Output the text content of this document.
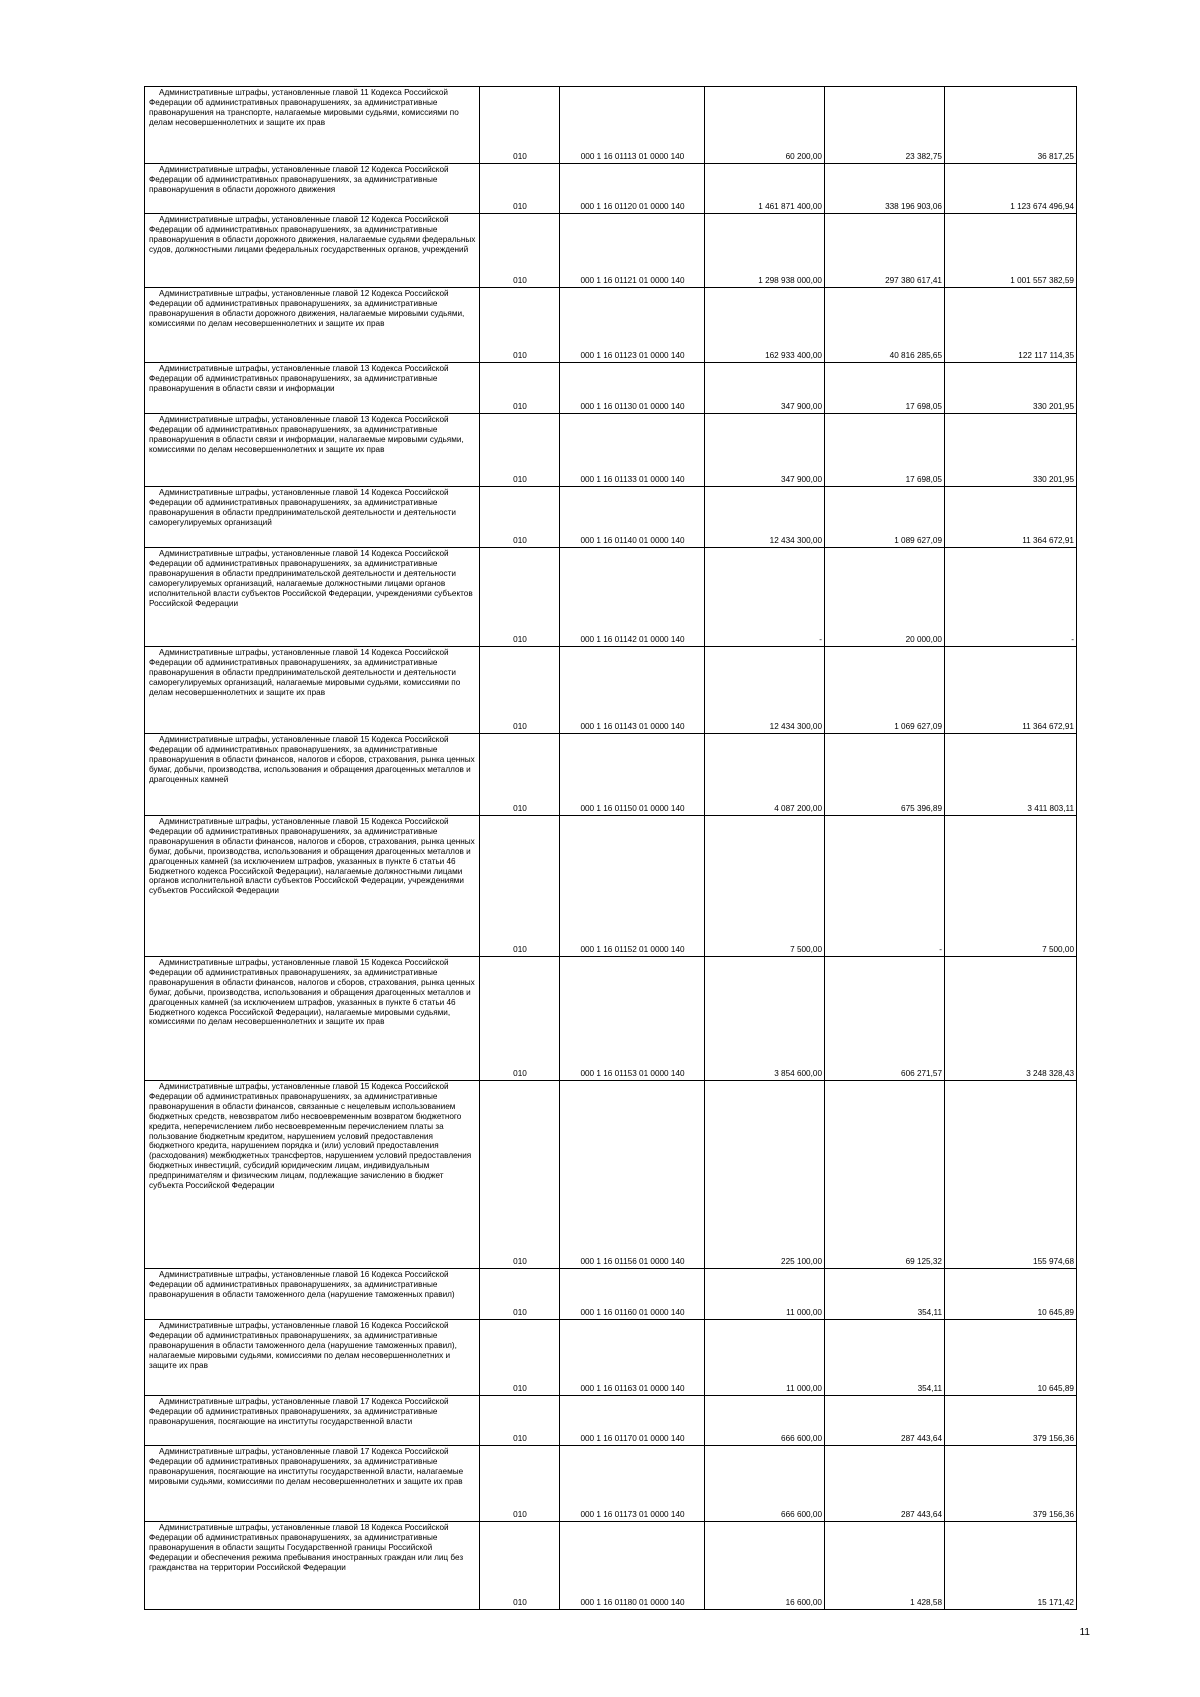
Административные штрафы, установленные главой 11 Кодекса Российской Федерации об административных правонарушениях, за административные правонарушения на транспорте, налагаемые мировыми судьями, комиссиями по делам несовершеннолетних и защите их прав	010	000 1 16 01113 01 0000 140	60 200,00	23 382,75	36 817,25

Административные штрафы, установленные главой 12 Кодекса Российской Федерации об административных правонарушениях, за административные правонарушения в области дорожного движения	010	000 1 16 01120 01 0000 140	1 461 871 400,00	338 196 903,06	1 123 674 496,94

Административные штрафы, установленные главой 12 Кодекса Российской Федерации об административных правонарушениях, за административные правонарушения в области дорожного движения, налагаемые судьями федеральных судов, должностными лицами федеральных государственных органов, учреждений	010	000 1 16 01121 01 0000 140	1 298 938 000,00	297 380 617,41	1 001 557 382,59

Административные штрафы, установленные главой 12 Кодекса Российской Федерации об административных правонарушениях, за административные правонарушения в области дорожного движения, налагаемые мировыми судьями, комиссиями по делам несовершеннолетних и защите их прав	010	000 1 16 01123 01 0000 140	162 933 400,00	40 816 285,65	122 117 114,35

Административные штрафы, установленные главой 13 Кодекса Российской Федерации об административных правонарушениях, за административные правонарушения в области связи и информации	010	000 1 16 01130 01 0000 140	347 900,00	17 698,05	330 201,95

Административные штрафы, установленные главой 13 Кодекса Российской Федерации об административных правонарушениях, за административные правонарушения в области связи и информации, налагаемые мировыми судьями, комиссиями по делам несовершеннолетних и защите их прав	010	000 1 16 01133 01 0000 140	347 900,00	17 698,05	330 201,95

Административные штрафы, установленные главой 14 Кодекса Российской Федерации об административных правонарушениях, за административные правонарушения в области предпринимательской деятельности и деятельности саморегулируемых организаций	010	000 1 16 01140 01 0000 140	12 434 300,00	1 089 627,09	11 364 672,91

Административные штрафы, установленные главой 14 Кодекса Российской Федерации об административных правонарушениях, за административные правонарушения в области предпринимательской деятельности и деятельности саморегулируемых организаций, налагаемые должностными лицами органов исполнительной власти субъектов Российской Федерации, учреждениями субъектов Российской Федерации	010	000 1 16 01142 01 0000 140	-	20 000,00	-

Административные штрафы, установленные главой 14 Кодекса Российской Федерации об административных правонарушениях, за административные правонарушения в области предпринимательской деятельности и деятельности саморегулируемых организаций, налагаемые мировыми судьями, комиссиями по делам несовершеннолетних и защите их прав	010	000 1 16 01143 01 0000 140	12 434 300,00	1 069 627,09	11 364 672,91

Административные штрафы, установленные главой 15 Кодекса Российской Федерации об административных правонарушениях, за административные правонарушения в области финансов, налогов и сборов, страхования, рынка ценных бумаг, добычи, производства, использования и обращения драгоценных металлов и драгоценных камней	010	000 1 16 01150 01 0000 140	4 087 200,00	675 396,89	3 411 803,11

Административные штрафы, установленные главой 15 Кодекса Российской Федерации об административных правонарушениях, за административные правонарушения в области финансов, налогов и сборов, страхования, рынка ценных бумаг, добычи, производства, использования и обращения драгоценных металлов и драгоценных камней (за исключением штрафов, указанных в пункте 6 статьи 46 Бюджетного кодекса Российской Федерации), налагаемые должностными лицами органов исполнительной власти субъектов Российской Федерации, учреждениями субъектов Российской Федерации	010	000 1 16 01152 01 0000 140	7 500,00	-	7 500,00

Административные штрафы, установленные главой 15 Кодекса Российской Федерации об административных правонарушениях, за административные правонарушения в области финансов, налогов и сборов, страхования, рынка ценных бумаг, добычи, производства, использования и обращения драгоценных металлов и драгоценных камней (за исключением штрафов, указанных в пункте 6 статьи 46 Бюджетного кодекса Российской Федерации), налагаемые мировыми судьями, комиссиями по делам несовершеннолетних и защите их прав	010	000 1 16 01153 01 0000 140	3 854 600,00	606 271,57	3 248 328,43

Административные штрафы, установленные главой 15 Кодекса Российской Федерации об административных правонарушениях, за административные правонарушения в области финансов, связанные с нецелевым использованием бюджетных средств, невозвратом либо несвоевременным возвратом бюджетного кредита, неперечислением либо несвоевременным перечислением платы за пользование бюджетным кредитом, нарушением условий предоставления бюджетного кредита, нарушением порядка и (или) условий предоставления (расходования) межбюджетных трансфертов, нарушением условий предоставления бюджетных инвестиций, субсидий юридическим лицам, индивидуальным предпринимателям и физическим лицам, подлежащие зачислению в бюджет субъекта Российской Федерации	010	000 1 16 01156 01 0000 140	225 100,00	69 125,32	155 974,68

Административные штрафы, установленные главой 16 Кодекса Российской Федерации об административных правонарушениях, за административные правонарушения в области таможенного дела (нарушение таможенных правил)	010	000 1 16 01160 01 0000 140	11 000,00	354,11	10 645,89

Административные штрафы, установленные главой 16 Кодекса Российской Федерации об административных правонарушениях, за административные правонарушения в области таможенного дела (нарушение таможенных правил), налагаемые мировыми судьями, комиссиями по делам несовершеннолетних и защите их прав	010	000 1 16 01163 01 0000 140	11 000,00	354,11	10 645,89

Административные штрафы, установленные главой 17 Кодекса Российской Федерации об административных правонарушениях, за административные правонарушения, посягающие на институты государственной власти	010	000 1 16 01170 01 0000 140	666 600,00	287 443,64	379 156,36

Административные штрафы, установленные главой 17 Кодекса Российской Федерации об административных правонарушениях, за административные правонарушения, посягающие на институты государственной власти, налагаемые мировыми судьями, комиссиями по делам несовершеннолетних и защите их прав	010	000 1 16 01173 01 0000 140	666 600,00	287 443,64	379 156,36

Административные штрафы, установленные главой 18 Кодекса Российской Федерации об административных правонарушениях, за административные правонарушения в области защиты Государственной границы Российской Федерации и обеспечения режима пребывания иностранных граждан или лиц без гражданства на территории Российской Федерации	010	000 1 16 01180 01 0000 140	16 600,00	1 428,58	15 171,42
11
